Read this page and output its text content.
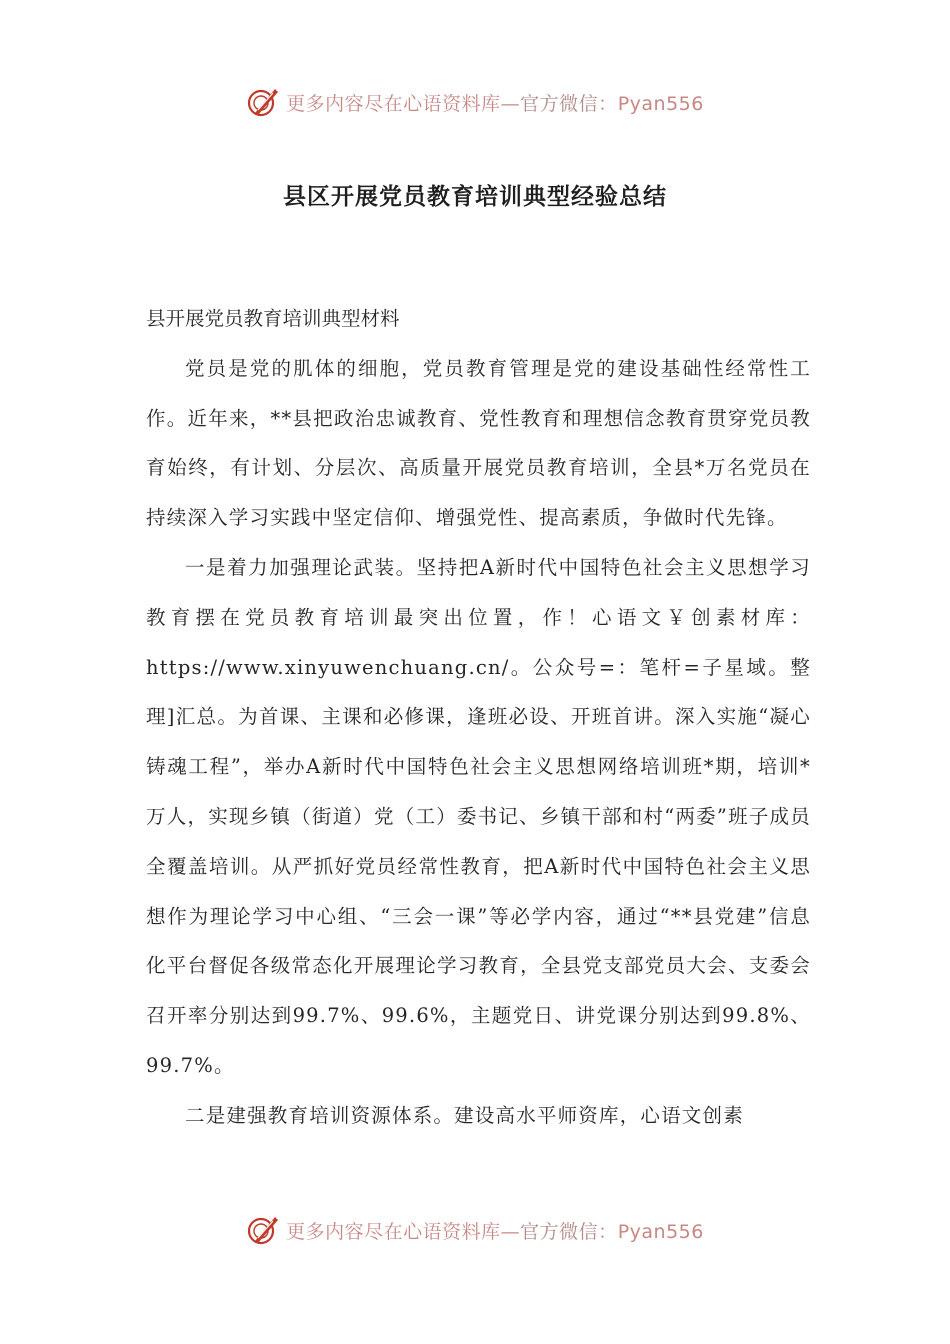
更多内容尽在心语资料库—官方微信：Pyan556
县区开展党员教育培训典型经验总结

县开展党员教育培训典型材料

党员是党的肌体的细胞，党员教育管理是党的建设基础性经常性工作。近年来，**县把政治忠诚教育、党性教育和理想信念教育贯穿党员教育始终，有计划、分层次、高质量开展党员教育培训，全县*万名党员在持续深入学习实践中坚定信仰、增强党性、提高素质，争做时代先锋。

一是着力加强理论武装。坚持把A新时代中国特色社会主义思想学习教育摆在党员教育培训最突出位置，作！心语文￥创素材库：https://www.xinyuwenchuang.cn/。公众号=：笔杆=子星域。整理]汇总。为首课、主课和必修课，逢班必设、开班首讲。深入实施“凝心铸魂工程”，举办A新时代中国特色社会主义思想网络培训班*期，培训*万人，实现乡镇（街道）党（工）委书记、乡镇干部和村“两委”班子成员全覆盖培训。从严抓好党员经常性教育，把A新时代中国特色社会主义思想作为理论学习中心组、“三会一课”等必学内容，通过“**县党建”信息化平台督促各级常态化开展理论学习教育，全县党支部党员大会、支委会召开率分别达到99.7%、99.6%，主题党日、讲党课分别达到99.8%、99.7%。

二是建强教育培训资源体系。建设高水平师资库，心语文创素

更多内容尽在心语资料库—官方微信：Pyan556
